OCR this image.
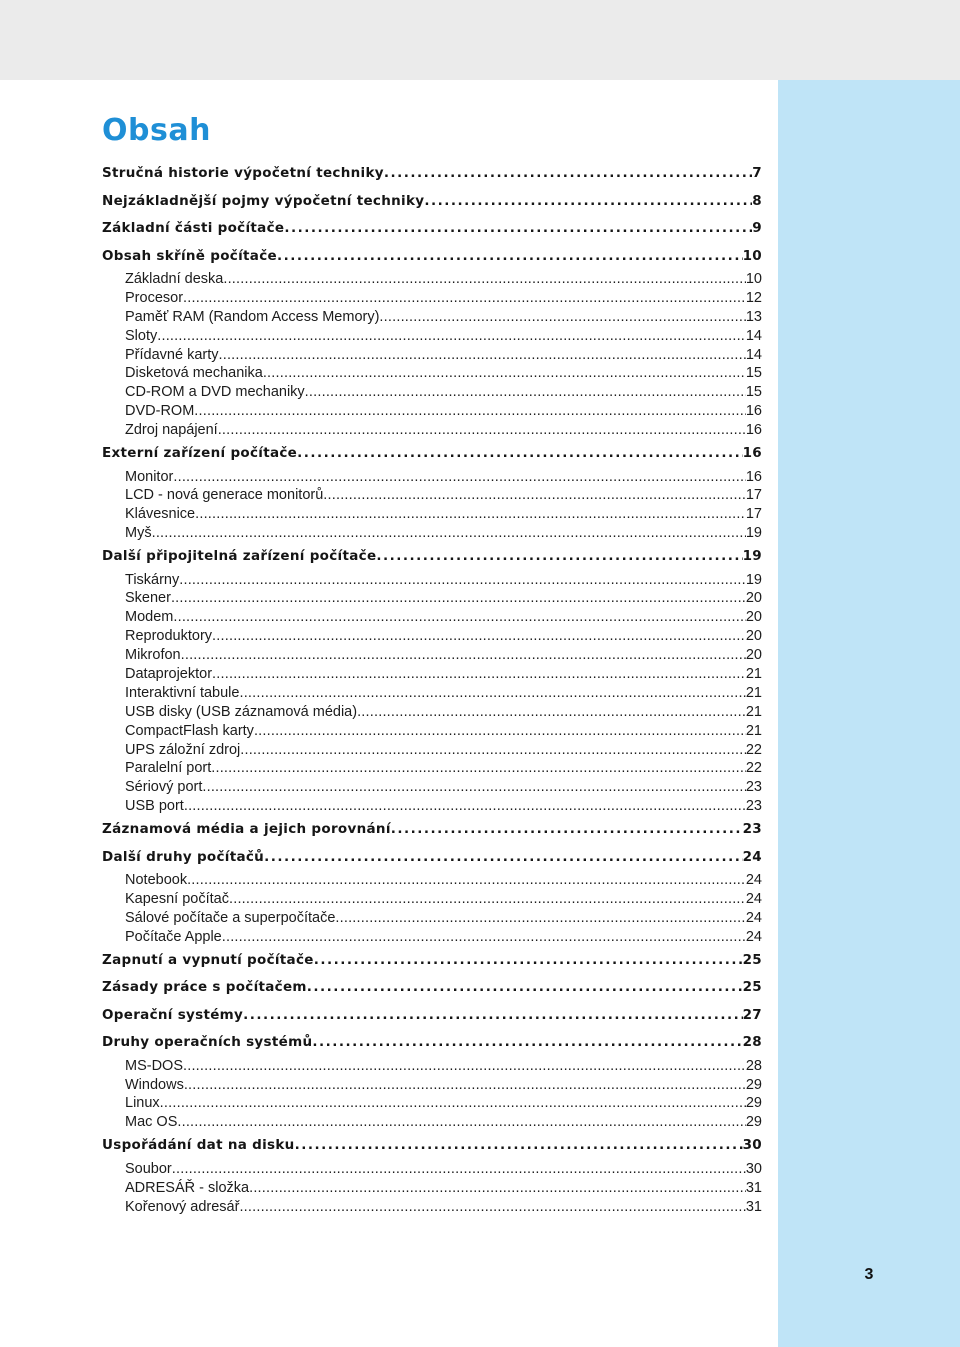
Obsah
Stručná historie výpočetní techniky .....	7
Nejzákladnější pojmy výpočetní techniky .....	8
Základní části počítače .....	9
Obsah skříně počítače .....	10
Základní deska .....	10
Procesor .....	12
Paměť RAM (Random Access Memory) .....	13
Sloty .....	14
Přídavné karty .....	14
Disketová mechanika .....	15
CD-ROM a DVD mechaniky .....	15
DVD-ROM .....	16
Zdroj napájení .....	16
Externí zařízení počítače .....	16
Monitor .....	16
LCD - nová generace monitorů .....	17
Klávesnice .....	17
Myš .....	19
Další připojitelná zařízení počítače .....	19
Tiskárny .....	19
Skener .....	20
Modem .....	20
Reproduktory .....	20
Mikrofon .....	20
Dataprojektor .....	21
Interaktivní tabule .....	21
USB disky (USB záznamová média) .....	21
CompactFlash karty .....	21
UPS záložní zdroj .....	22
Paralelní port .....	22
Sériový port .....	23
USB port .....	23
Záznamová média a jejich porovnání .....	23
Další druhy počítačů .....	24
Notebook .....	24
Kapesní počítač .....	24
Sálové počítače a superpočítače .....	24
Počítače Apple .....	24
Zapnutí a vypnutí počítače .....	25
Zásady práce s počítačem .....	25
Operační systémy .....	27
Druhy operačních systémů .....	28
MS-DOS .....	28
Windows .....	29
Linux .....	29
Mac OS .....	29
Uspořádání dat na disku .....	30
Soubor .....	30
ADRESÁŘ - složka .....	31
Kořenový adresář .....	31
3
